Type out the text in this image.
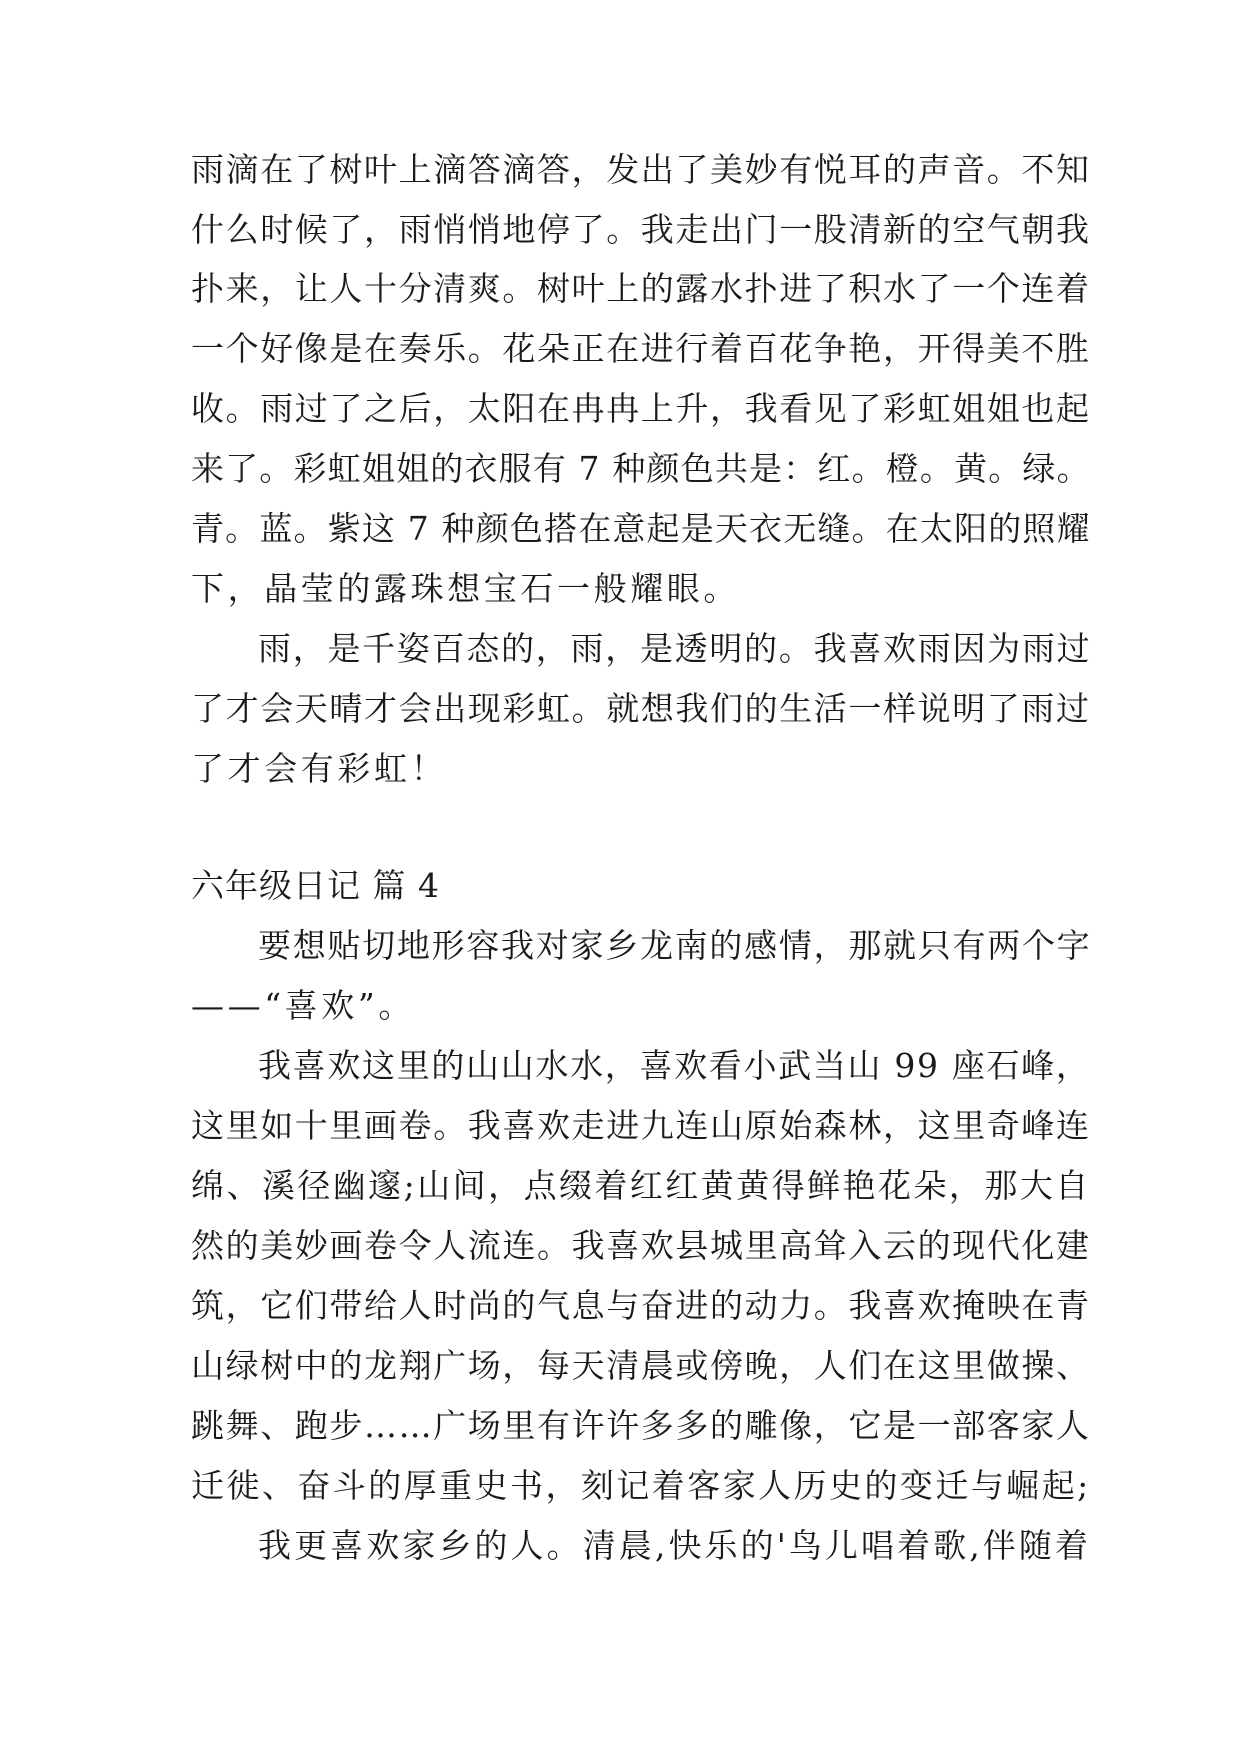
雨滴在了树叶上滴答滴答，发出了美妙有悦耳的声音。不知
什么时候了，雨悄悄地停了。我走出门一股清新的空气朝我
扑来，让人十分清爽。树叶上的露水扑进了积水了一个连着
一个好像是在奏乐。花朵正在进行着百花争艳，开得美不胜
收。雨过了之后，太阳在冉冉上升，我看见了彩虹姐姐也起
来了。彩虹姐姐的衣服有 7 种颜色共是：红。橙。黄。绿。
青。蓝。紫这 7 种颜色搭在意起是天衣无缝。在太阳的照耀
下，晶莹的露珠想宝石一般耀眼。
雨，是千姿百态的，雨，是透明的。我喜欢雨因为雨过
了才会天晴才会出现彩虹。就想我们的生活一样说明了雨过
了才会有彩虹！
六年级日记 篇 4
要想贴切地形容我对家乡龙南的感情，那就只有两个字
——“喜欢”。
我喜欢这里的山山水水，喜欢看小武当山 99 座石峰，
这里如十里画卷。我喜欢走进九连山原始森林，这里奇峰连
绵、溪径幽邃;山间，点缀着红红黄黄得鲜艳花朵，那大自
然的美妙画卷令人流连。我喜欢县城里高耸入云的现代化建
筑，它们带给人时尚的气息与奋进的动力。我喜欢掩映在青
山绿树中的龙翔广场，每天清晨或傍晚，人们在这里做操、
跳舞、跑步……广场里有许许多多的雕像，它是一部客家人
迁徙、奋斗的厚重史书，刻记着客家人历史的变迁与崛起;
我更喜欢家乡的人。清晨,快乐的'鸟儿唱着歌,伴随着
